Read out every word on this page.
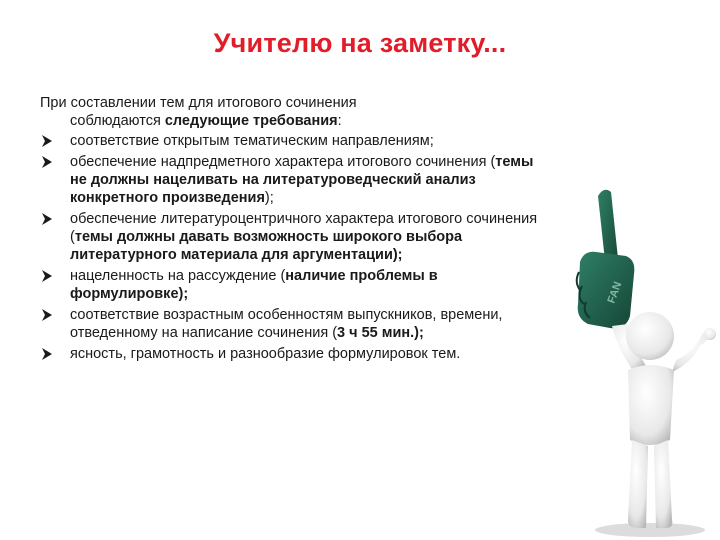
Учителю на заметку...
При составлении тем для итогового сочинения
соблюдаются следующие требования:
соответствие открытым тематическим направлениям;
обеспечение надпредметного характера итогового сочинения (темы не должны нацеливать на литературоведческий анализ конкретного произведения);
обеспечение литературоцентричного характера итогового сочинения (темы должны давать возможность широкого выбора литературного материала для аргументации);
нацеленность на рассуждение (наличие проблемы в формулировке);
соответствие возрастным особенностям выпускников, времени, отведенному на написание сочинения (3 ч 55 мин.);
ясность, грамотность и разнообразие формулировок тем.
FAN
